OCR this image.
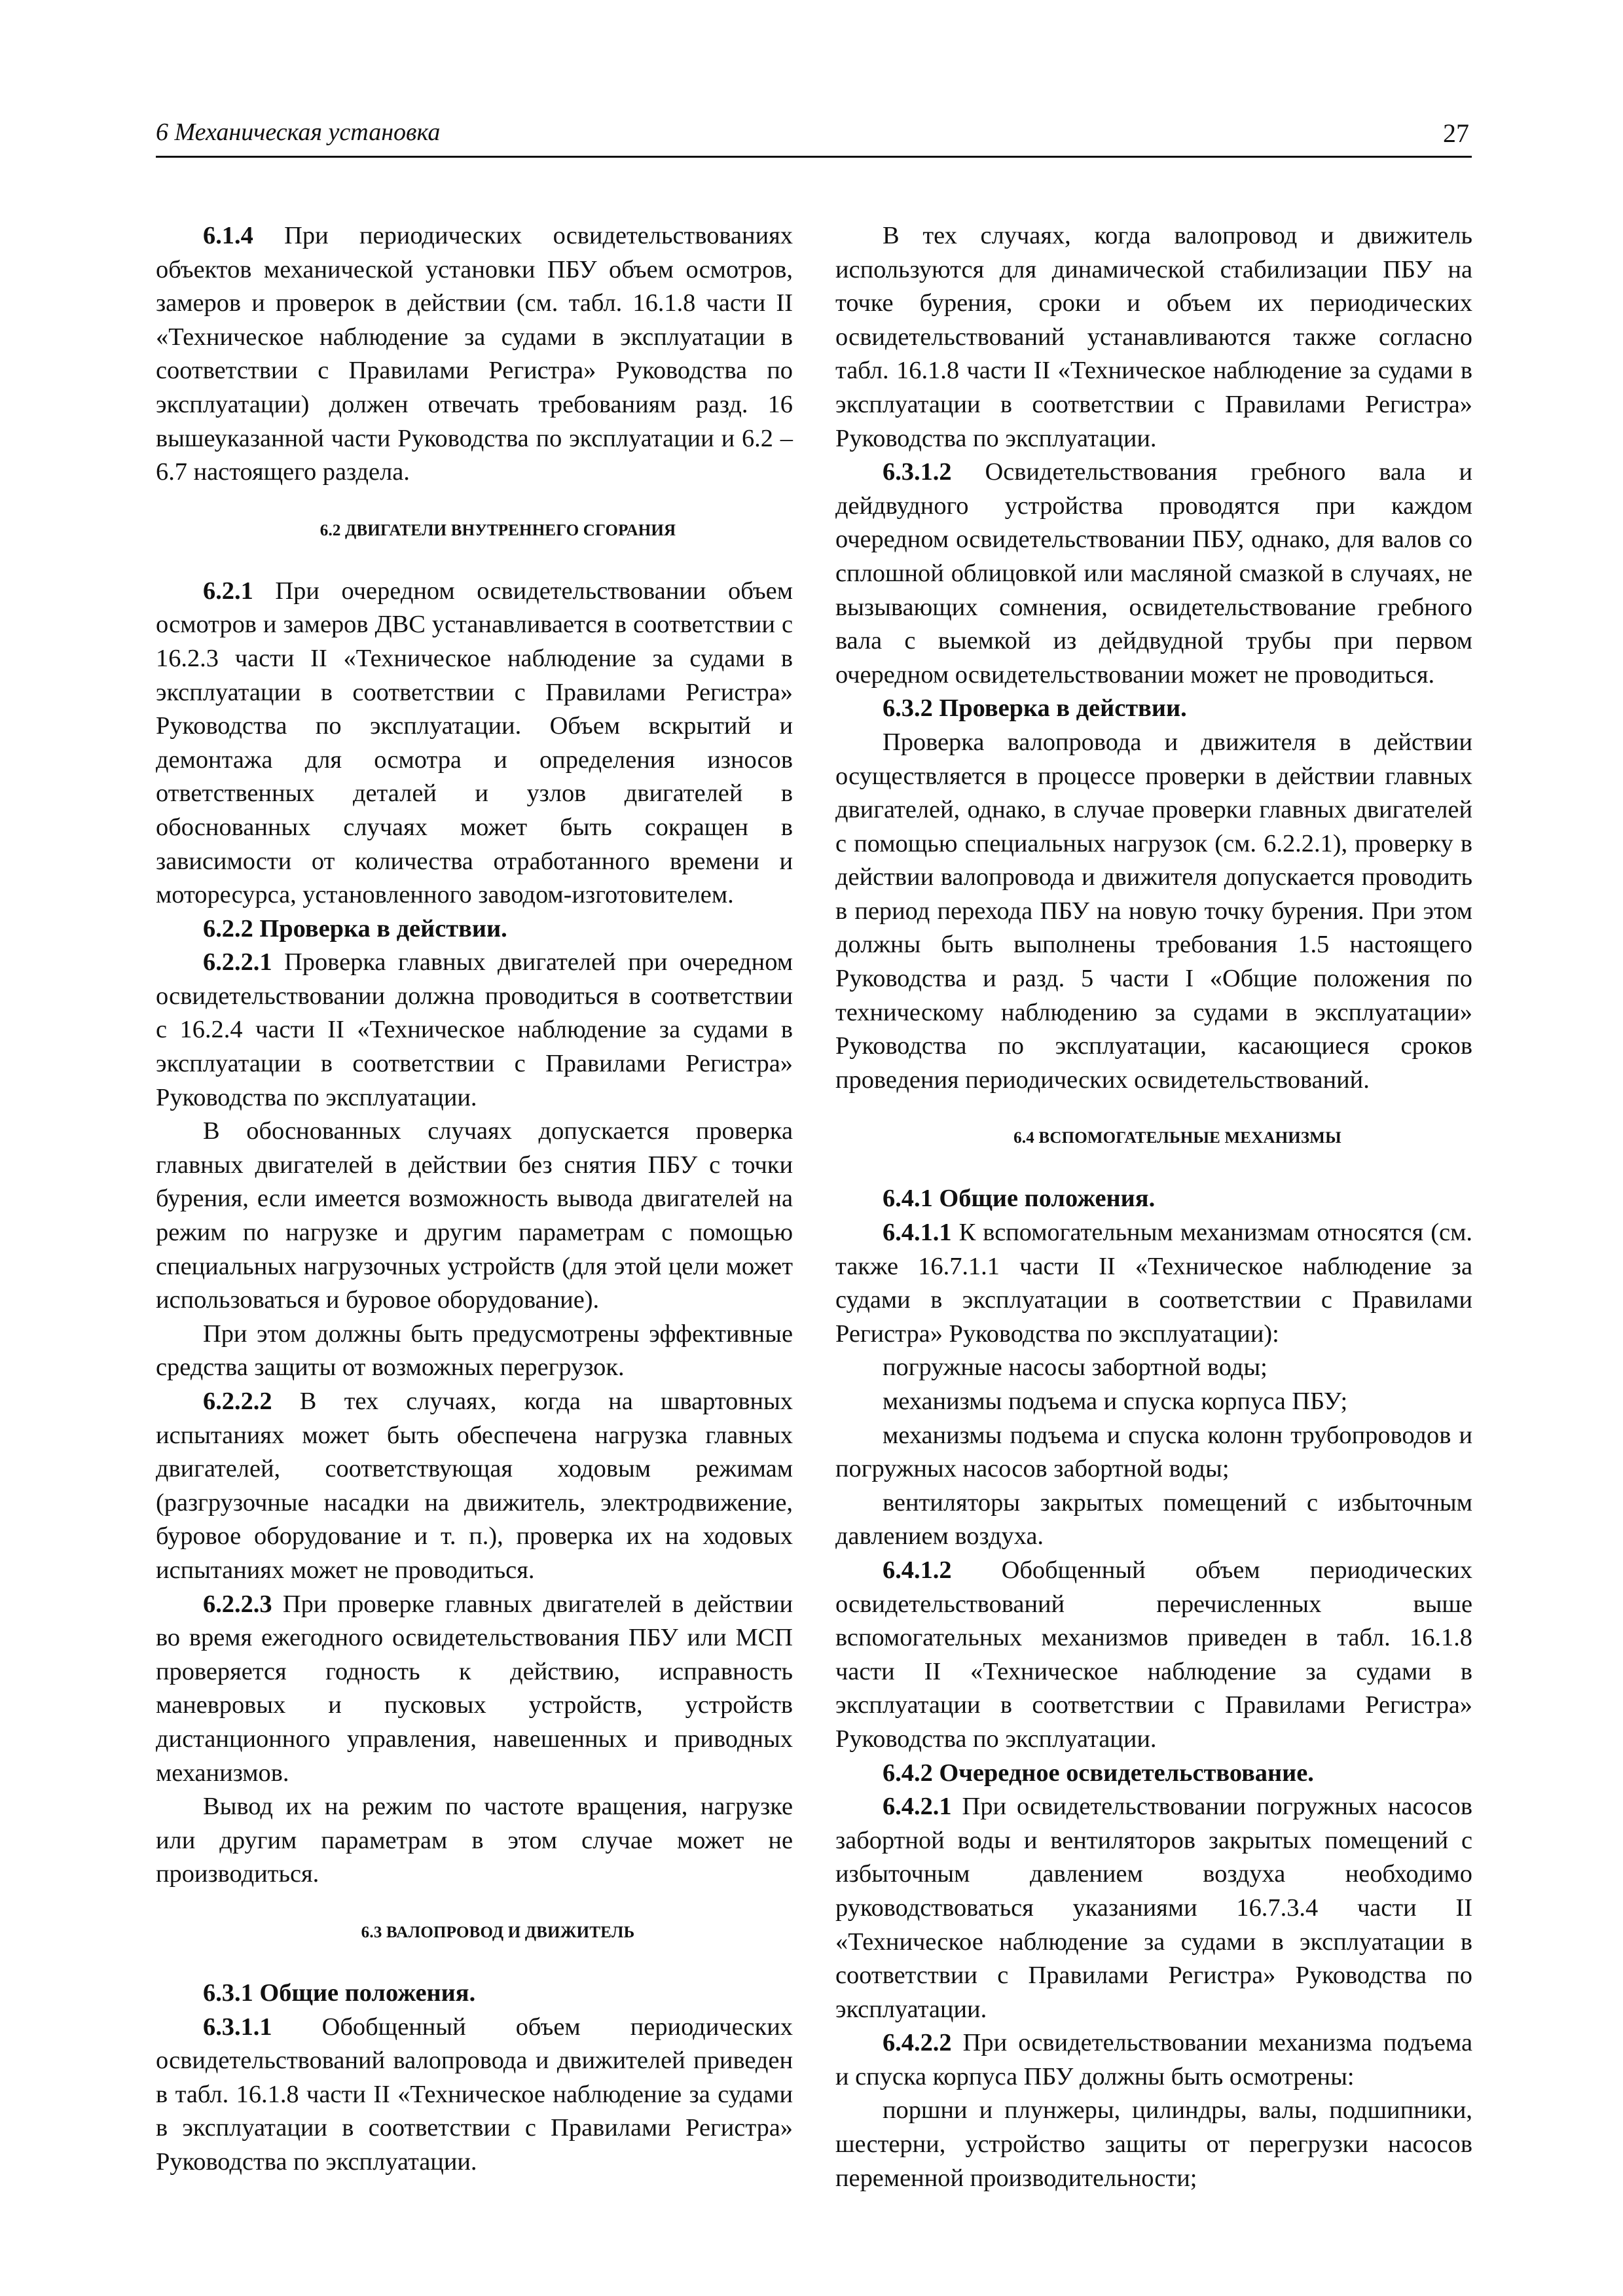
6 Механическая установка	27

6.1.4 При периодических освидетельствованиях объектов механической установки ПБУ объем осмотров, замеров и проверок в действии (см. табл. 16.1.8 части II «Техническое наблюдение за судами в эксплуатации в соответствии с Правилами Регистра» Руководства по эксплуатации) должен отвечать требованиям разд. 16 вышеуказанной части Руководства по эксплуатации и 6.2 – 6.7 настоящего раздела.

6.2 ДВИГАТЕЛИ ВНУТРЕННЕГО СГОРАНИЯ

6.2.1 При очередном освидетельствовании объем осмотров и замеров ДВС устанавливается в соответствии с 16.2.3 части II «Техническое наблюдение за судами в эксплуатации в соответствии с Правилами Регистра» Руководства по эксплуатации. Объем вскрытий и демонтажа для осмотра и определения износов ответственных деталей и узлов двигателей в обоснованных случаях может быть сокращен в зависимости от количества отработанного времени и моторесурса, установленного заводом-изготовителем.

6.2.2 Проверка в действии.

6.2.2.1 Проверка главных двигателей при очередном освидетельствовании должна проводиться в соответствии с 16.2.4 части II «Техническое наблюдение за судами в эксплуатации в соответствии с Правилами Регистра» Руководства по эксплуатации.

В обоснованных случаях допускается проверка главных двигателей в действии без снятия ПБУ с точки бурения, если имеется возможность вывода двигателей на режим по нагрузке и другим параметрам с помощью специальных нагрузочных устройств (для этой цели может использоваться и буровое оборудование).

При этом должны быть предусмотрены эффективные средства защиты от возможных перегрузок.

6.2.2.2 В тех случаях, когда на швартовных испытаниях может быть обеспечена нагрузка главных двигателей, соответствующая ходовым режимам (разгрузочные насадки на движитель, электродвижение, буровое оборудование и т. п.), проверка их на ходовых испытаниях может не проводиться.

6.2.2.3 При проверке главных двигателей в действии во время ежегодного освидетельствования ПБУ или МСП проверяется годность к действию, исправность маневровых и пусковых устройств, устройств дистанционного управления, навешенных и приводных механизмов.

Вывод их на режим по частоте вращения, нагрузке или другим параметрам в этом случае может не производиться.

6.3 ВАЛОПРОВОД И ДВИЖИТЕЛЬ

6.3.1 Общие положения.

6.3.1.1 Обобщенный объем периодических освидетельствований валопровода и движителей приведен в табл. 16.1.8 части II «Техническое наблюдение за судами в эксплуатации в соответствии с Правилами Регистра» Руководства по эксплуатации.

В тех случаях, когда валопровод и движитель используются для динамической стабилизации ПБУ на точке бурения, сроки и объем их периодических освидетельствований устанавливаются также согласно табл. 16.1.8 части II «Техническое наблюдение за судами в эксплуатации в соответствии с Правилами Регистра» Руководства по эксплуатации.

6.3.1.2 Освидетельствования гребного вала и дейдвудного устройства проводятся при каждом очередном освидетельствовании ПБУ, однако, для валов со сплошной облицовкой или масляной смазкой в случаях, не вызывающих сомнения, освидетельствование гребного вала с выемкой из дейдвудной трубы при первом очередном освидетельствовании может не проводиться.

6.3.2 Проверка в действии.

Проверка валопровода и движителя в действии осуществляется в процессе проверки в действии главных двигателей, однако, в случае проверки главных двигателей с помощью специальных нагрузок (см. 6.2.2.1), проверку в действии валопровода и движителя допускается проводить в период перехода ПБУ на новую точку бурения. При этом должны быть выполнены требования 1.5 настоящего Руководства и разд. 5 части I «Общие положения по техническому наблюдению за судами в эксплуатации» Руководства по эксплуатации, касающиеся сроков проведения периодических освидетельствований.

6.4 ВСПОМОГАТЕЛЬНЫЕ МЕХАНИЗМЫ

6.4.1 Общие положения.

6.4.1.1 К вспомогательным механизмам относятся (см. также 16.7.1.1 части II «Техническое наблюдение за судами в эксплуатации в соответствии с Правилами Регистра» Руководства по эксплуатации):

погружные насосы забортной воды;

механизмы подъема и спуска корпуса ПБУ;

механизмы подъема и спуска колонн трубопроводов и погружных насосов забортной воды;

вентиляторы закрытых помещений с избыточным давлением воздуха.

6.4.1.2 Обобщенный объем периодических освидетельствований перечисленных выше вспомогательных механизмов приведен в табл. 16.1.8 части II «Техническое наблюдение за судами в эксплуатации в соответствии с Правилами Регистра» Руководства по эксплуатации.

6.4.2 Очередное освидетельствование.

6.4.2.1 При освидетельствовании погружных насосов забортной воды и вентиляторов закрытых помещений с избыточным давлением воздуха необходимо руководствоваться указаниями 16.7.3.4 части II «Техническое наблюдение за судами в эксплуатации в соответствии с Правилами Регистра» Руководства по эксплуатации.

6.4.2.2 При освидетельствовании механизма подъема и спуска корпуса ПБУ должны быть осмотрены:

поршни и плунжеры, цилиндры, валы, подшипники, шестерни, устройство защиты от перегрузки насосов переменной производительности;
